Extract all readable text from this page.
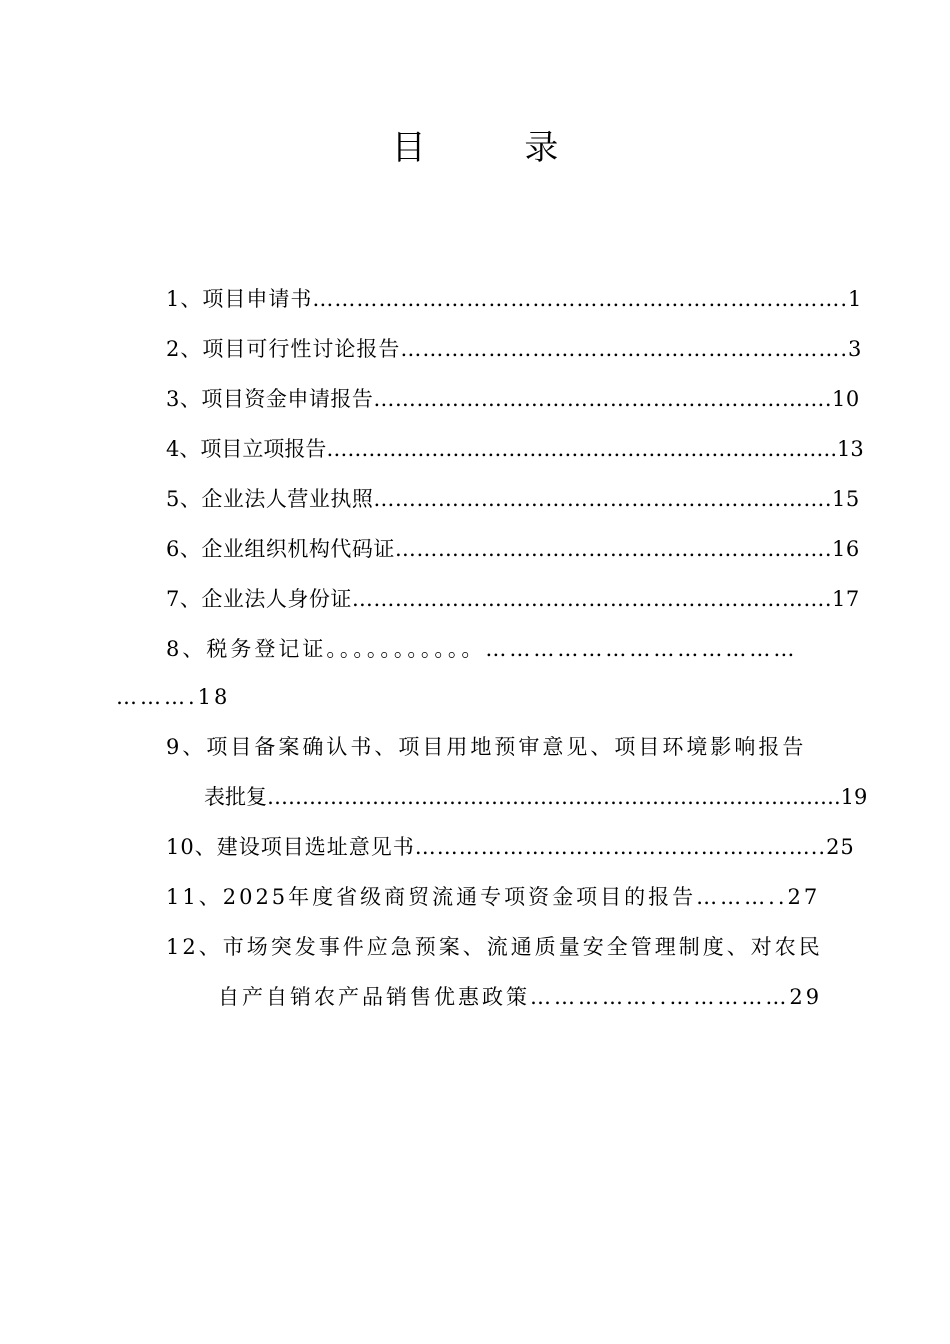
目 录

1、项目申请书……………………………………………………………….1

2、项目可行性讨论报告…………………………………………………….3

3、项目资金申请报告……………………………………………………….10

4、项目立项报告……………………………………………………………….13

5、企业法人营业执照……………………………………………………….15

6、企业组织机构代码证…………………………………………………….16

7、企业法人身份证………………………………………………………….17

8、税务登记证。。。。。。。。。。。…………………………………

……….18

9、项目备案确认书、项目用地预审意见、项目环境影响报告

表批复……………………………………………………………………….19

10、建设项目选址意见书………………………………………………..25

11、2025年度省级商贸流通专项资金项目的报告………..27

12、市场突发事件应急预案、流通质量安全管理制度、对农民

自产自销农产品销售优惠政策……………..……………29
